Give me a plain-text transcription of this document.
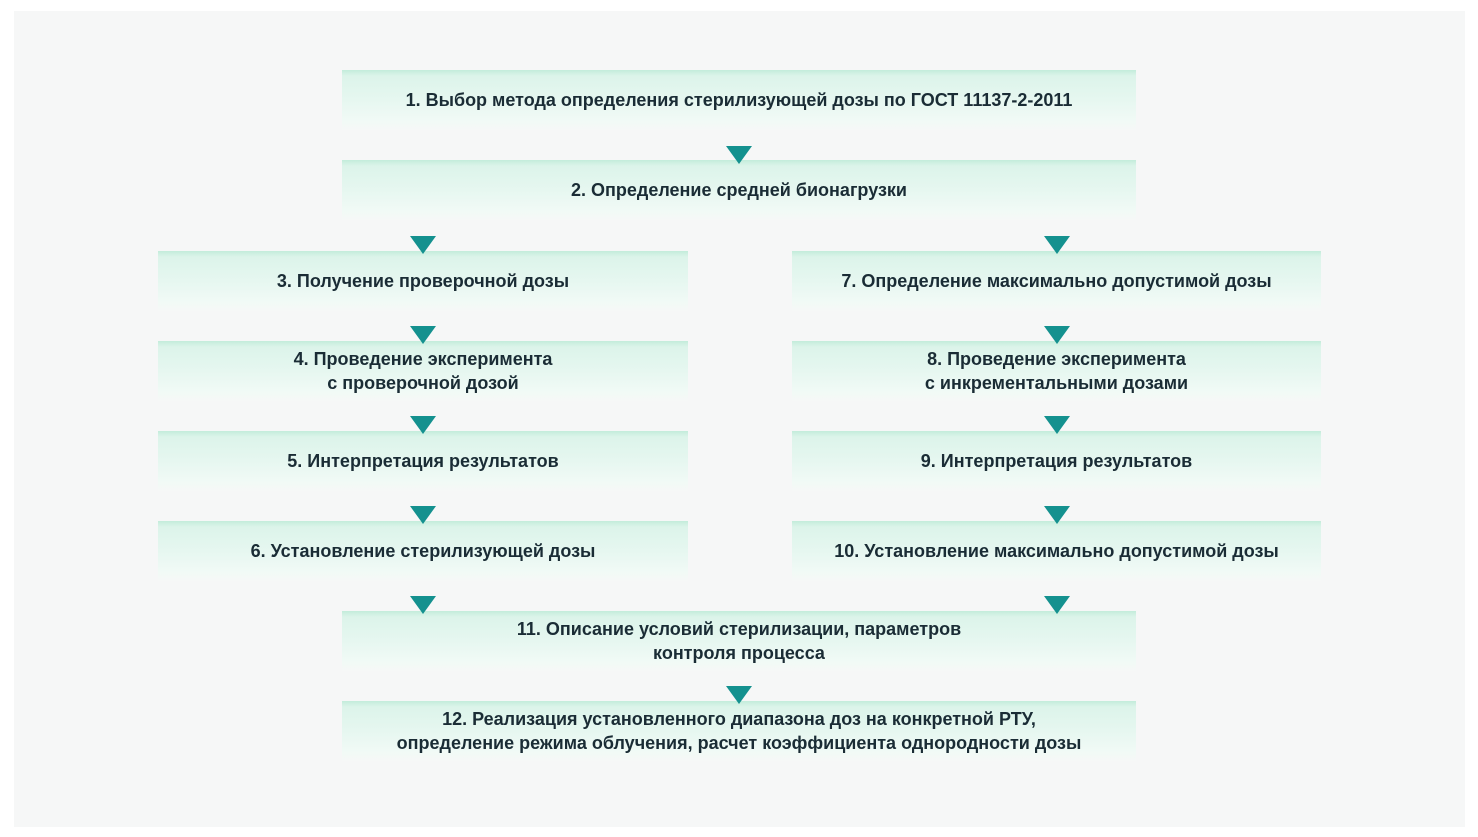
1. Выбор метода определения стерилизующей дозы по ГОСТ 11137-2-2011
2. Определение средней бионагрузки
3. Получение проверочной дозы
4. Проведение эксперимента
с проверочной дозой
5. Интерпретация результатов
6. Установление стерилизующей дозы
7. Определение максимально допустимой дозы
8. Проведение эксперимента
с инкрементальными дозами
9. Интерпретация результатов
10. Установление максимально допустимой дозы
11. Описание условий стерилизации, параметров
контроля процесса
12. Реализация установленного диапазона доз на конкретной РТУ,
определение режима облучения, расчет коэффициента однородности дозы
